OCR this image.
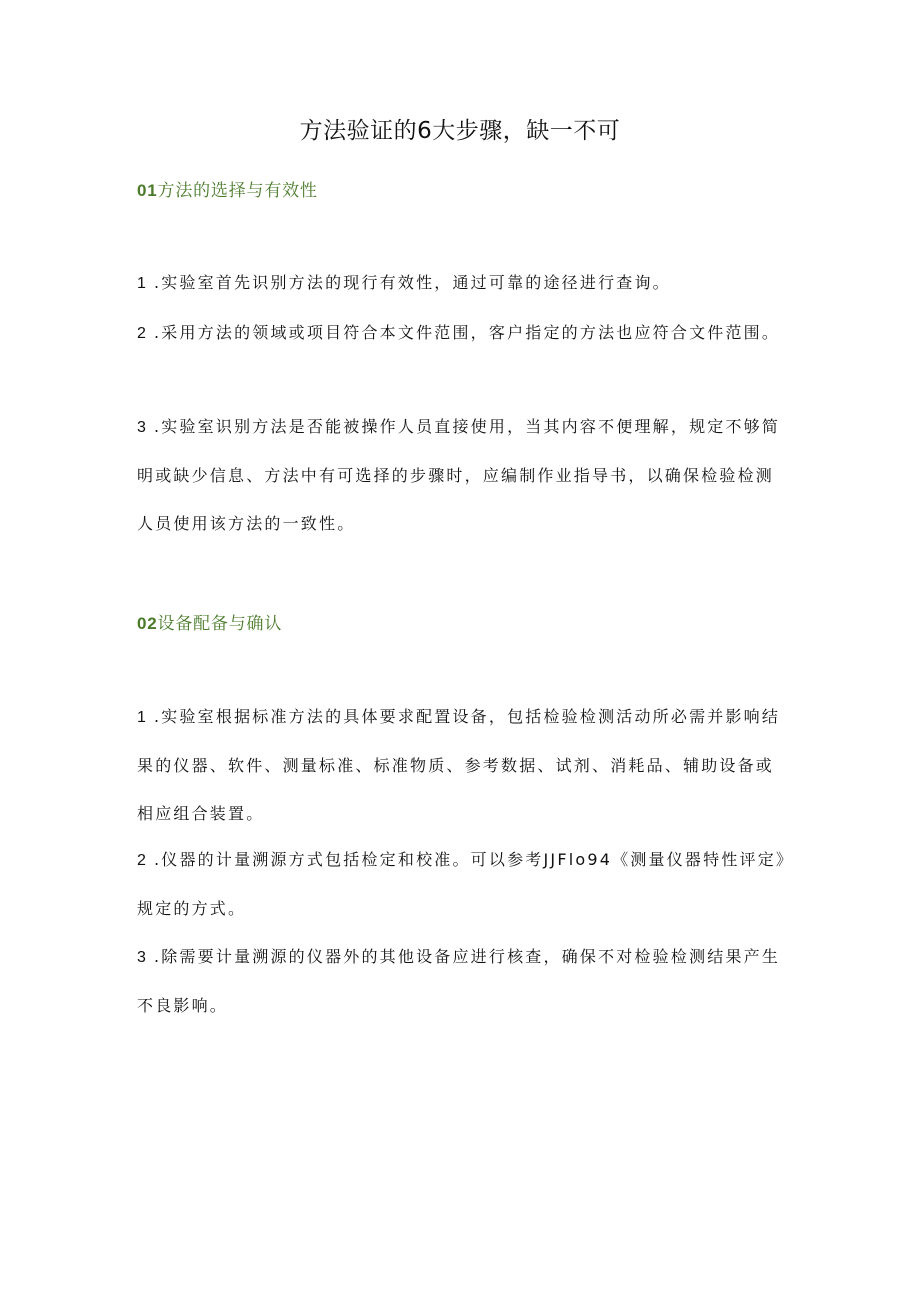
方法验证的6大步骤，缺一不可
01方法的选择与有效性

1 .实验室首先识别方法的现行有效性，通过可靠的途径进行查询。

2 .采用方法的领域或项目符合本文件范围，客户指定的方法也应符合文件范围。

3 .实验室识别方法是否能被操作人员直接使用，当其内容不便理解，规定不够简明或缺少信息、方法中有可选择的步骤时，应编制作业指导书，以确保检验检测人员使用该方法的一致性。

02设备配备与确认

1 .实验室根据标准方法的具体要求配置设备，包括检验检测活动所必需并影响结果的仪器、软件、测量标准、标准物质、参考数据、试剂、消耗品、辅助设备或相应组合装置。

2 .仪器的计量溯源方式包括检定和校准。可以参考JJFlo94《测量仪器特性评定》规定的方式。

3 .除需要计量溯源的仪器外的其他设备应进行核查，确保不对检验检测结果产生不良影响。
